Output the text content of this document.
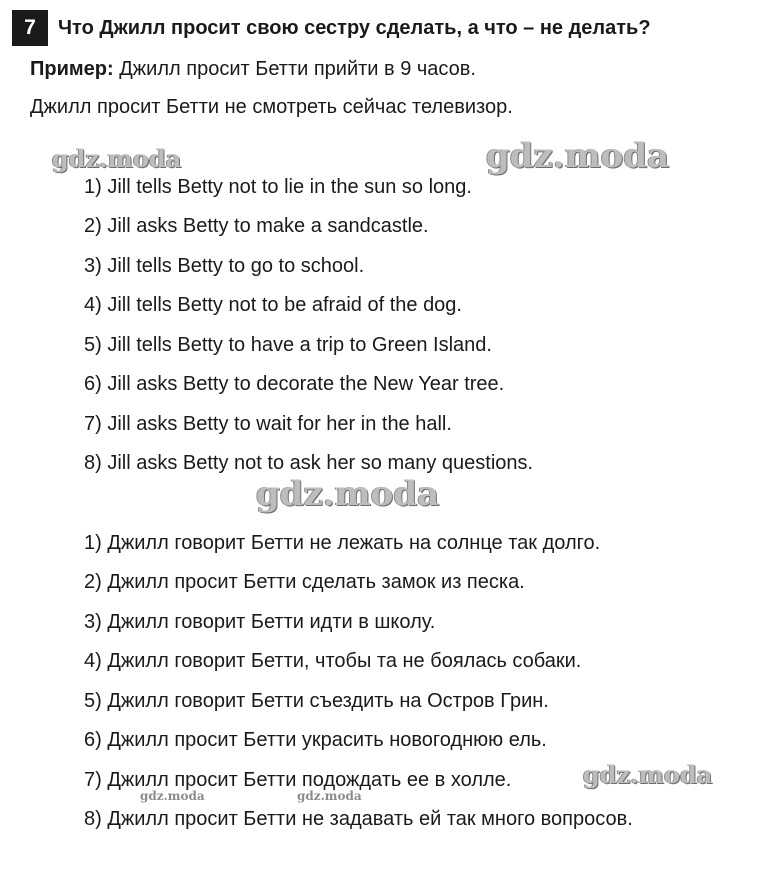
7	Что Джилл просит свою сестру сделать, а что – не делать?
Пример: Джилл просит Бетти прийти в 9 часов.
Джилл просит Бетти не смотреть сейчас телевизор.
1) Jill tells Betty not to lie in the sun so long.
2) Jill asks Betty to make a sandcastle.
3) Jill tells Betty to go to school.
4) Jill tells Betty not to be afraid of the dog.
5) Jill tells Betty to have a trip to Green Island.
6) Jill asks Betty to decorate the New Year tree.
7) Jill asks Betty to wait for her in the hall.
8) Jill asks Betty not to ask her so many questions.
1) Джилл говорит Бетти не лежать на солнце так долго.
2) Джилл просит Бетти сделать замок из песка.
3) Джилл говорит Бетти идти в школу.
4) Джилл говорит Бетти, чтобы та не боялась собаки.
5) Джилл говорит Бетти съездить на Остров Грин.
6) Джилл просит Бетти украсить новогоднюю ель.
7) Джилл просит Бетти подождать ее в холле.
8) Джилл просит Бетти не задавать ей так много вопросов.
gdz.moda	gdz.moda
gdz.moda
gdz.moda
gdz.moda	gdz.moda
